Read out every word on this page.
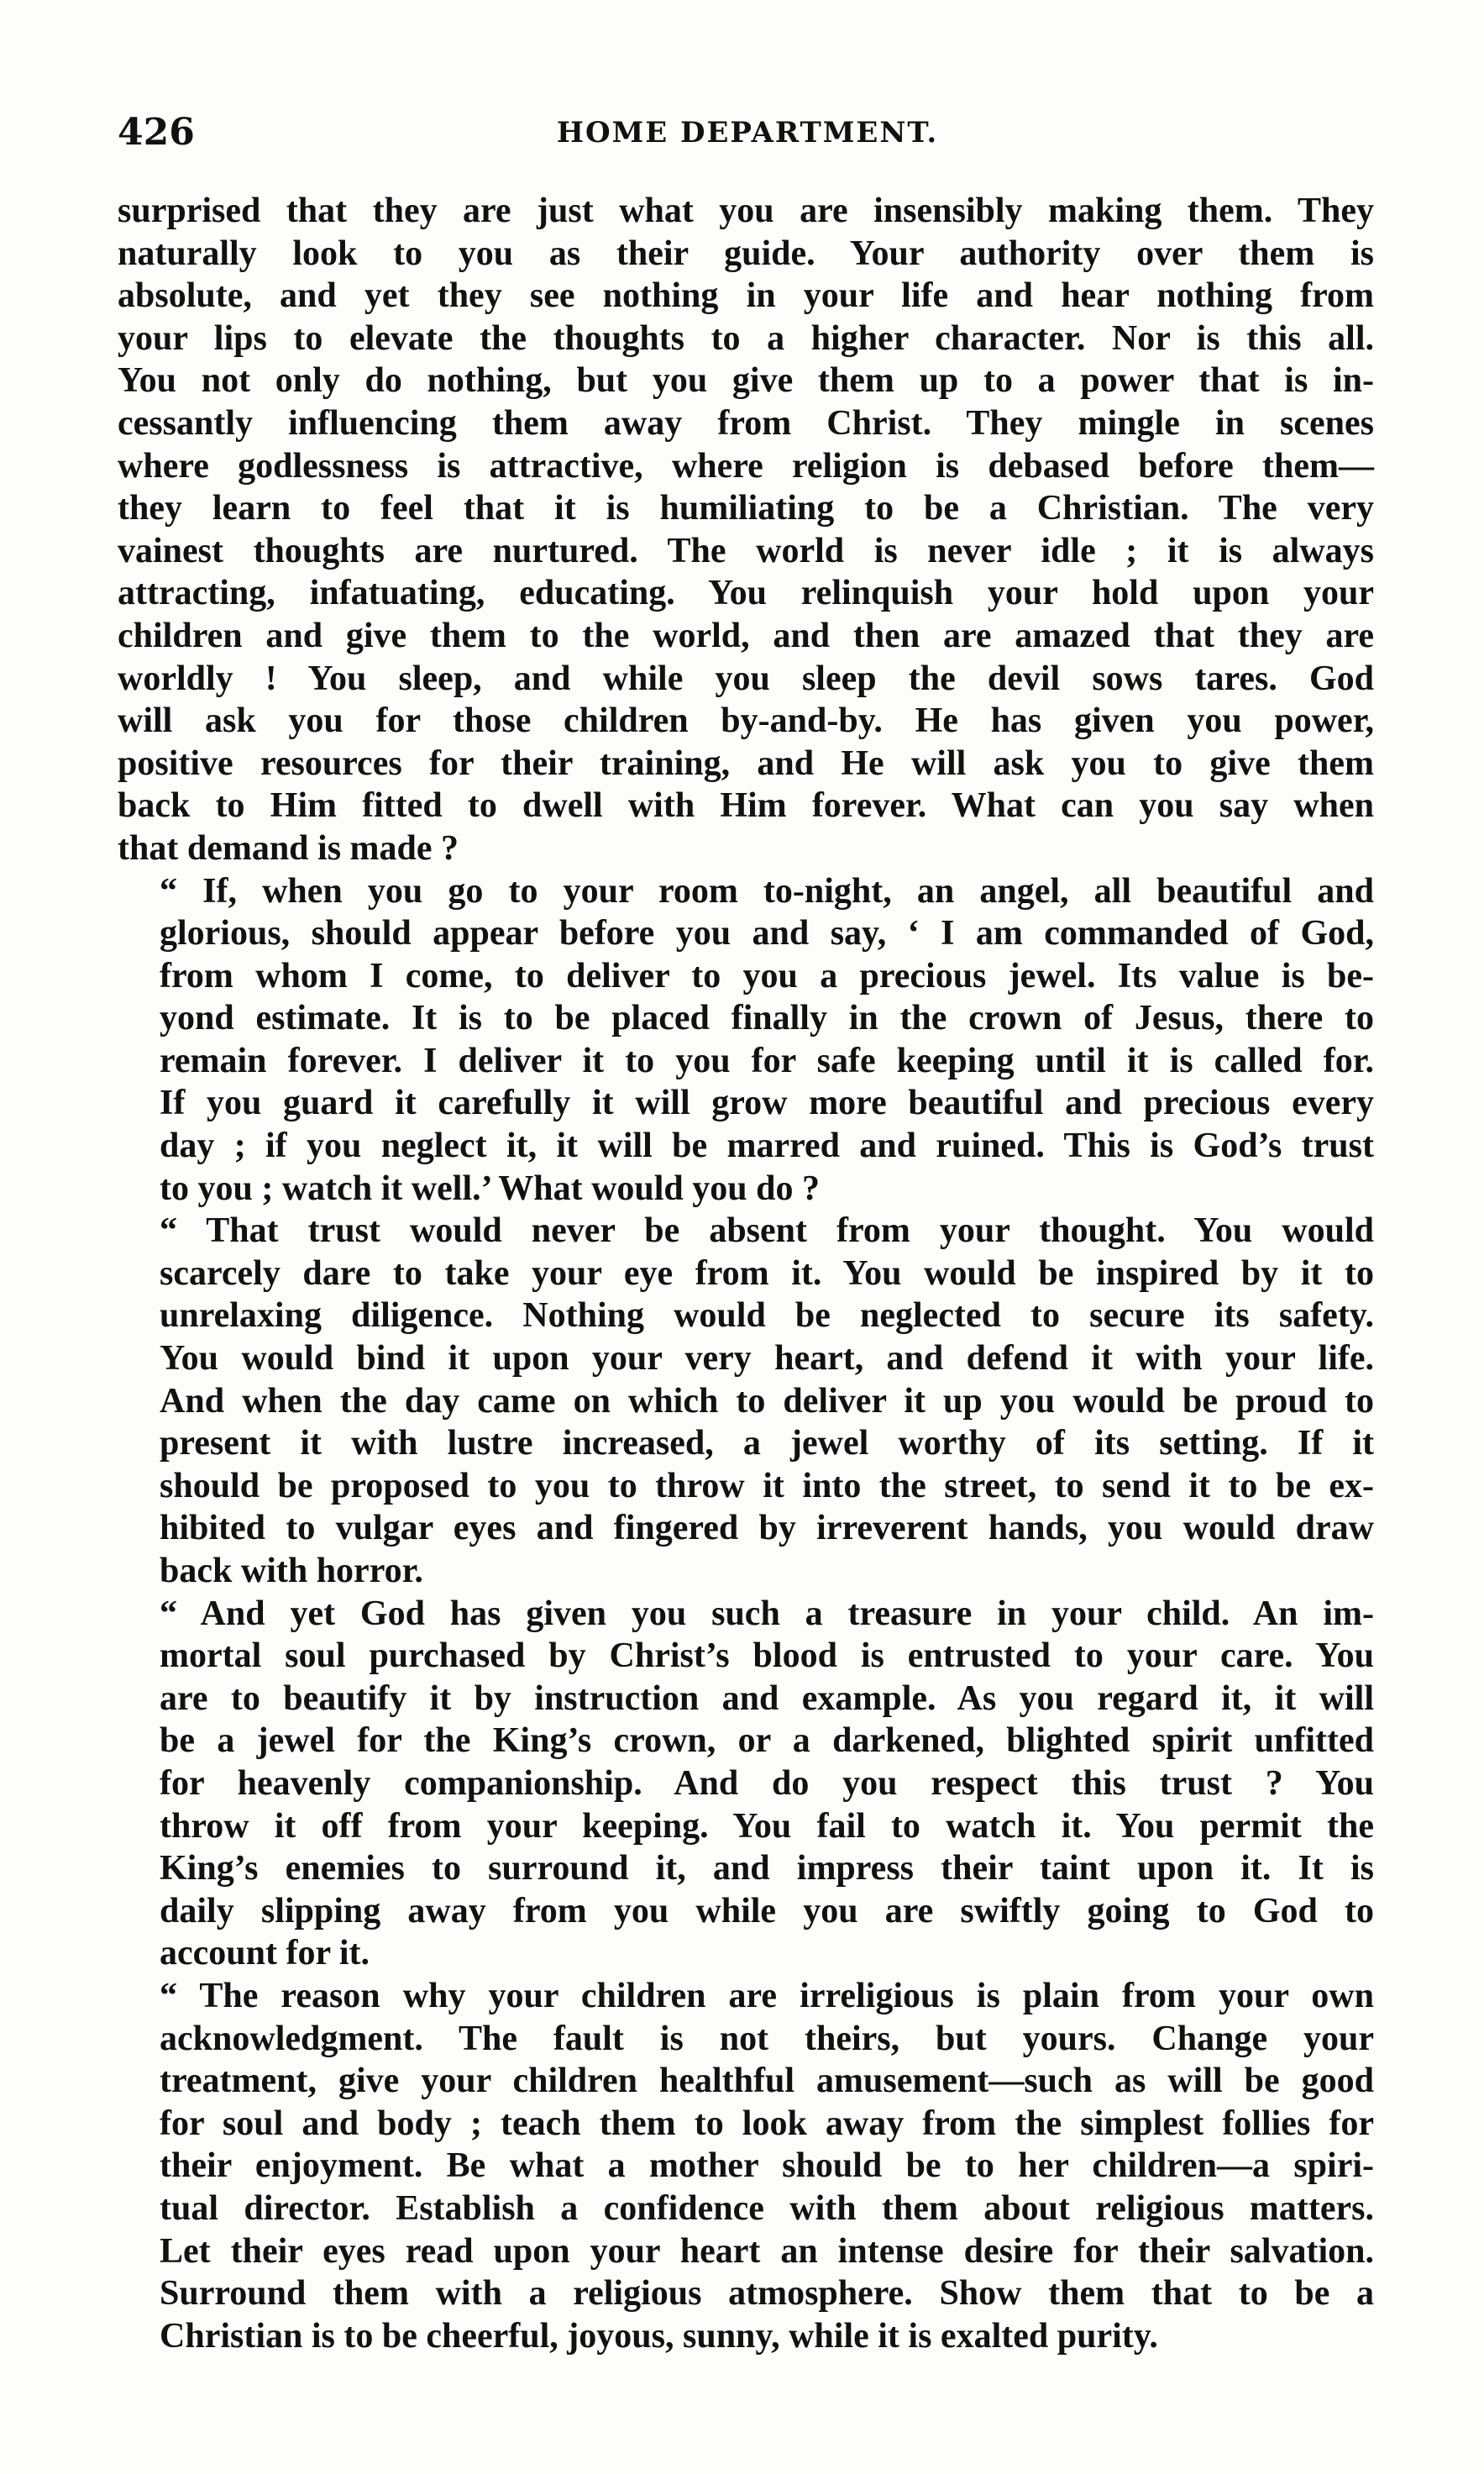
426	HOME DEPARTMENT.
surprised that they are just what you are insensibly making them. They
naturally look to you as their guide. Your authority over them is
absolute, and yet they see nothing in your life and hear nothing from
your lips to elevate the thoughts to a higher character. Nor is this all.
You not only do nothing, but you give them up to a power that is in-
cessantly influencing them away from Christ. They mingle in scenes
where godlessness is attractive, where religion is debased before them—
they learn to feel that it is humiliating to be a Christian. The very
vainest thoughts are nurtured. The world is never idle ; it is always
attracting, infatuating, educating. You relinquish your hold upon your
children and give them to the world, and then are amazed that they are
worldly ! You sleep, and while you sleep the devil sows tares. God
will ask you for those children by-and-by. He has given you power,
positive resources for their training, and He will ask you to give them
back to Him fitted to dwell with Him forever. What can you say when
that demand is made ?
“ If, when you go to your room to-night, an angel, all beautiful and
glorious, should appear before you and say, ‘ I am commanded of God,
from whom I come, to deliver to you a precious jewel. Its value is be-
yond estimate. It is to be placed finally in the crown of Jesus, there to
remain forever. I deliver it to you for safe keeping until it is called for.
If you guard it carefully it will grow more beautiful and precious every
day ; if you neglect it, it will be marred and ruined. This is God’s trust
to you ; watch it well.’ What would you do ?
“ That trust would never be absent from your thought. You would
scarcely dare to take your eye from it. You would be inspired by it to
unrelaxing diligence. Nothing would be neglected to secure its safety.
You would bind it upon your very heart, and defend it with your life.
And when the day came on which to deliver it up you would be proud to
present it with lustre increased, a jewel worthy of its setting. If it
should be proposed to you to throw it into the street, to send it to be ex-
hibited to vulgar eyes and fingered by irreverent hands, you would draw
back with horror.
“ And yet God has given you such a treasure in your child. An im-
mortal soul purchased by Christ’s blood is entrusted to your care. You
are to beautify it by instruction and example. As you regard it, it will
be a jewel for the King’s crown, or a darkened, blighted spirit unfitted
for heavenly companionship. And do you respect this trust ? You
throw it off from your keeping. You fail to watch it. You permit the
King’s enemies to surround it, and impress their taint upon it. It is
daily slipping away from you while you are swiftly going to God to
account for it.
“ The reason why your children are irreligious is plain from your own
acknowledgment. The fault is not theirs, but yours. Change your
treatment, give your children healthful amusement—such as will be good
for soul and body ; teach them to look away from the simplest follies for
their enjoyment. Be what a mother should be to her children—a spiri-
tual director. Establish a confidence with them about religious matters.
Let their eyes read upon your heart an intense desire for their salvation.
Surround them with a religious atmosphere. Show them that to be a
Christian is to be cheerful, joyous, sunny, while it is exalted purity.
